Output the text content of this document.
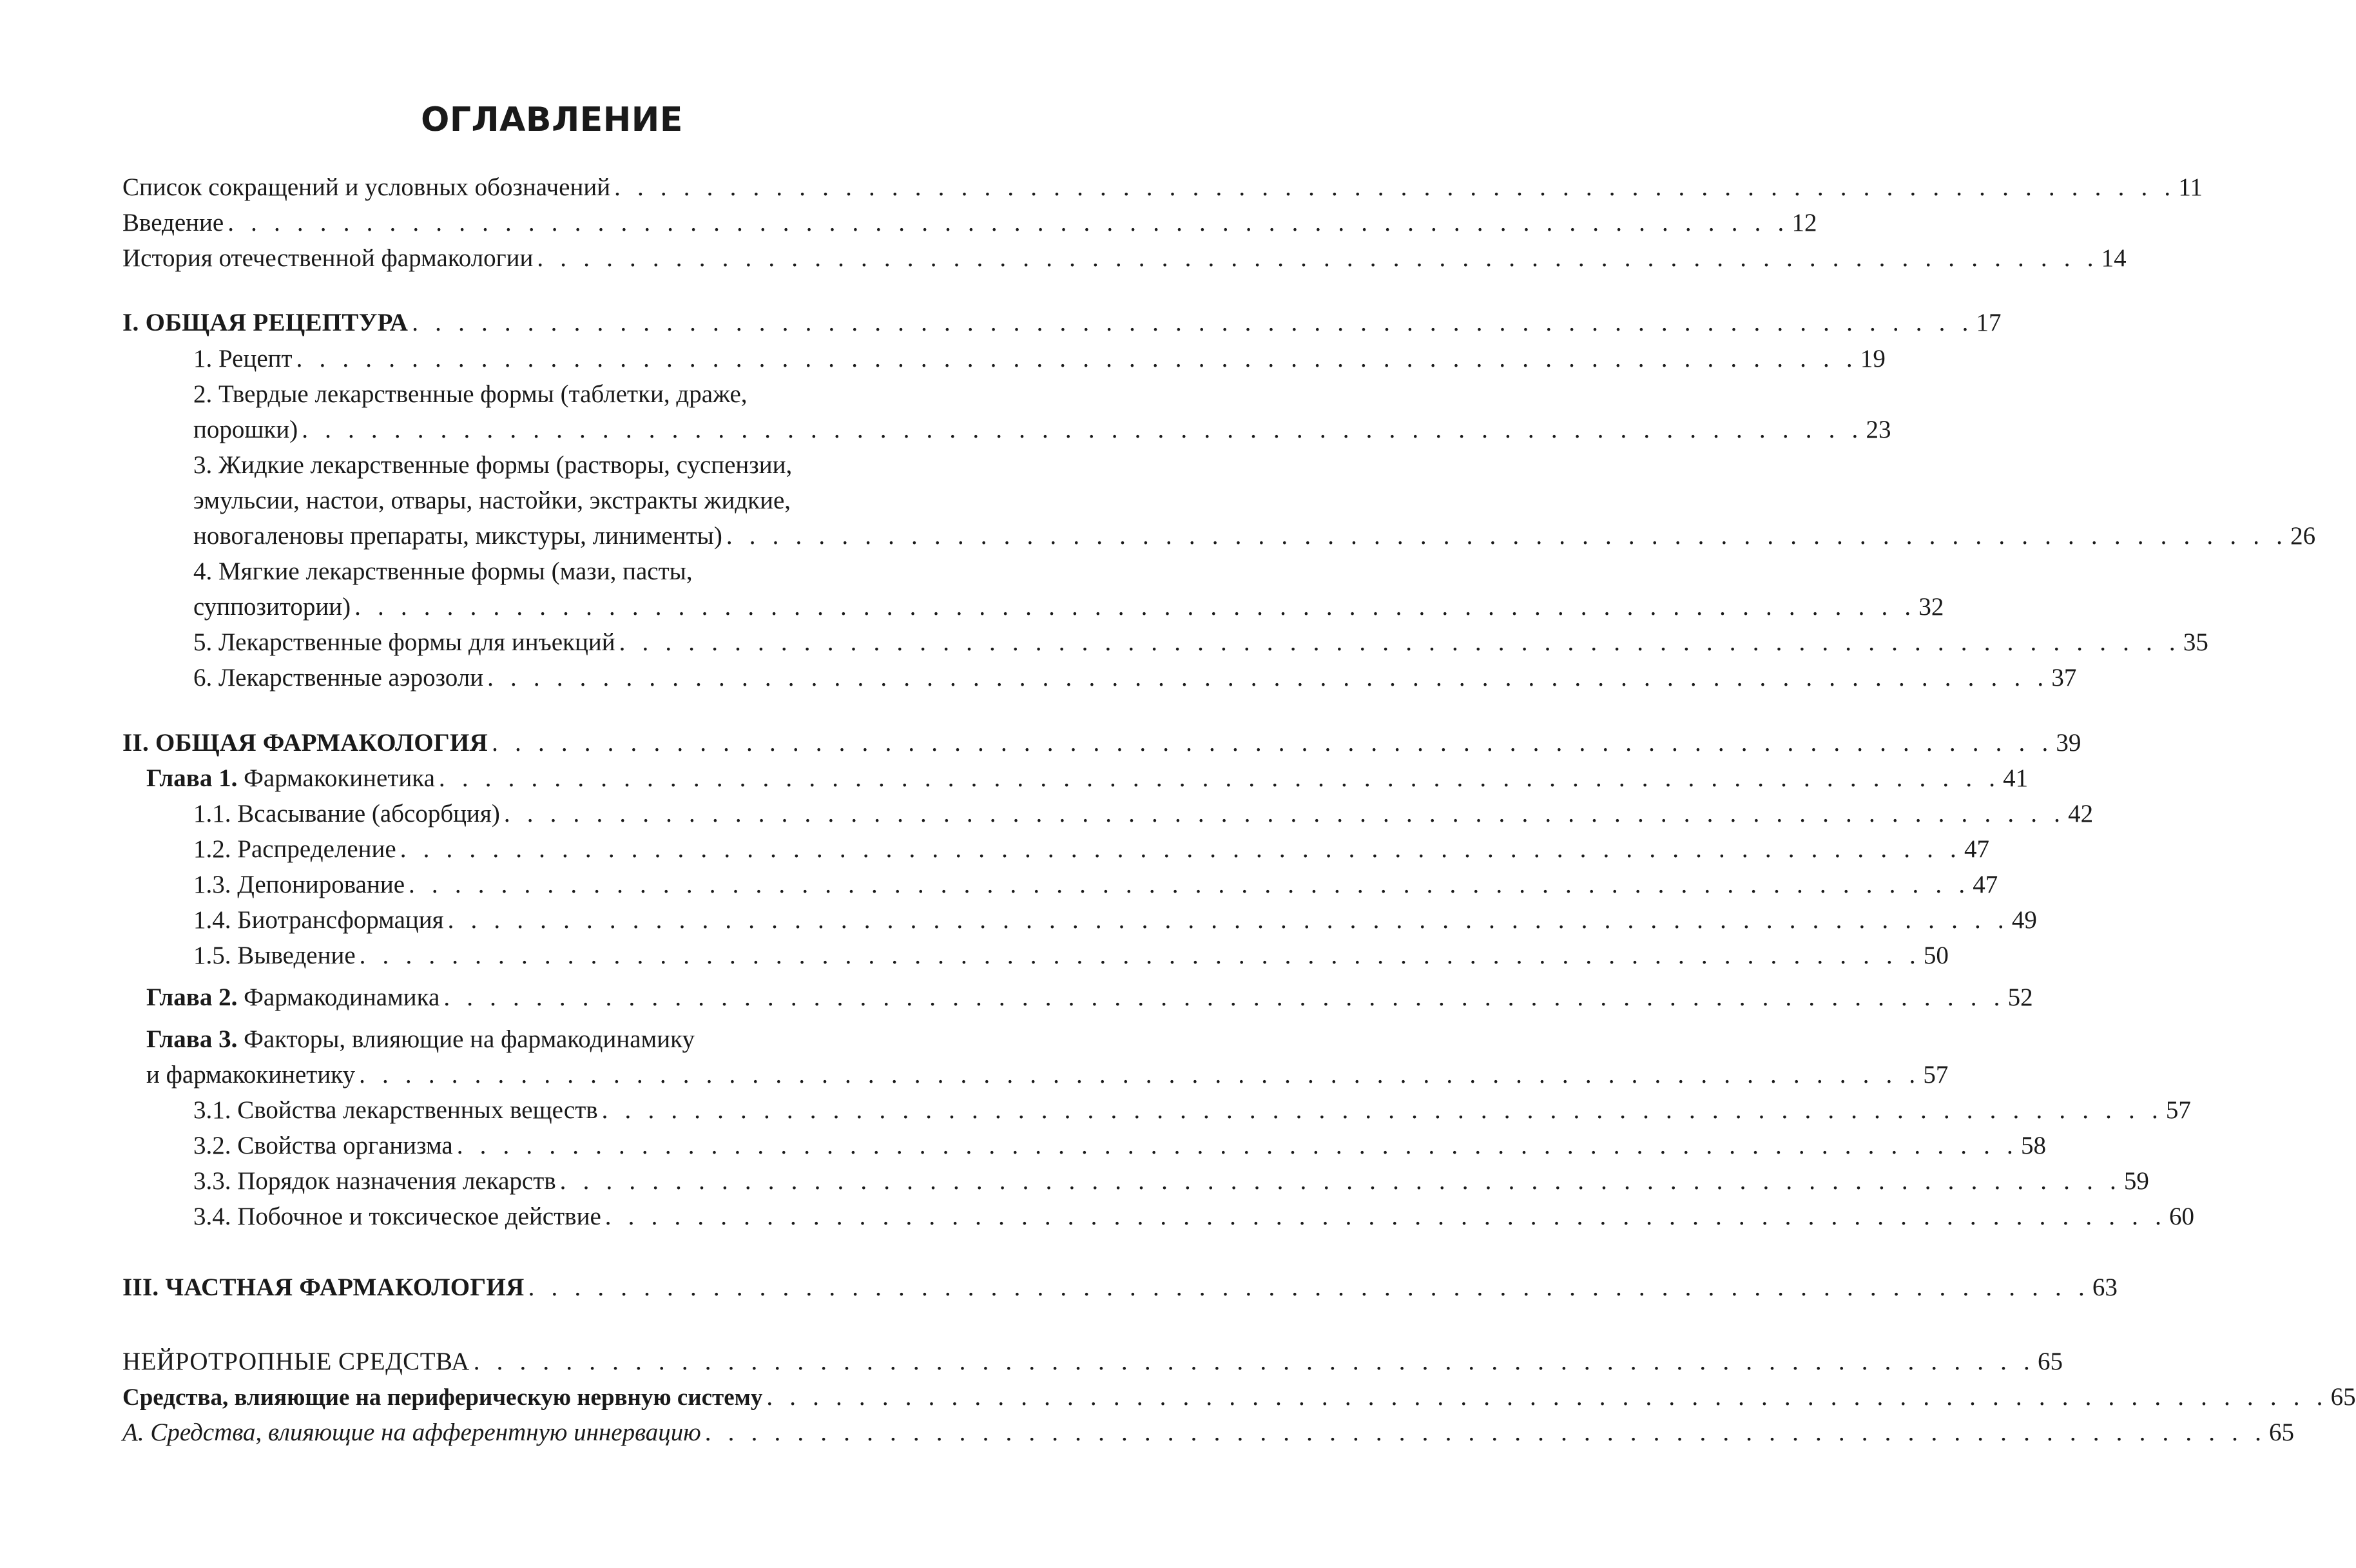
ОГЛАВЛЕНИЕ
Список сокращений и условных обозначений . . . . . . . . . . . . . . . . . . . . . . . . . . . . . . . . . . . . . . . . . . . . . . . . . . . . . . . . . . . . . . . . . . . . 11
Введение . . . . . . . . . . . . . . . . . . . . . . . . . . . . . . . . . . . . . . . . . . . . . . . . . . . . . . . . . . . . . . . . . . . . 12
История отечественной фармакологии . . . . . . . . . . . . . . . . . . . . . . . . . . . . . . . . . . . . . . . . . . . . . . . . . . . . . . . . . . . . . . . . . . . . 14
I. ОБЩАЯ РЕЦЕПТУРА . . . . . . . . . . . . . . . . . . . . . . . . . . . . . . . . . . . . . . . . . . . . . . . . . . . . . . . . . . . . . . . . . . . . 17
1. Рецепт . . . . . . . . . . . . . . . . . . . . . . . . . . . . . . . . . . . . . . . . . . . . . . . . . . . . . . . . . . . . . . . . . . . . 19
2. Твердые лекарственные формы (таблетки, драже,
порошки) . . . . . . . . . . . . . . . . . . . . . . . . . . . . . . . . . . . . . . . . . . . . . . . . . . . . . . . . . . . . . . . . . . . . 23
3. Жидкие лекарственные формы (растворы, суспензии,
эмульсии, настои, отвары, настойки, экстракты жидкие,
новогаленовы препараты, микстуры, линименты) . . . . . . . . . . . . . . . . . . . . . . . . . . . . . . . . . . . . . . . . . . . . . . . . . . . . . . . . . . . . . . . . . . . . 26
4. Мягкие лекарственные формы (мази, пасты,
суппозитории) . . . . . . . . . . . . . . . . . . . . . . . . . . . . . . . . . . . . . . . . . . . . . . . . . . . . . . . . . . . . . . . . . . . . 32
5. Лекарственные формы для инъекций . . . . . . . . . . . . . . . . . . . . . . . . . . . . . . . . . . . . . . . . . . . . . . . . . . . . . . . . . . . . . . . . . . . . 35
6. Лекарственные аэрозоли . . . . . . . . . . . . . . . . . . . . . . . . . . . . . . . . . . . . . . . . . . . . . . . . . . . . . . . . . . . . . . . . . . . . 37
II. ОБЩАЯ ФАРМАКОЛОГИЯ . . . . . . . . . . . . . . . . . . . . . . . . . . . . . . . . . . . . . . . . . . . . . . . . . . . . . . . . . . . . . . . . . . . . 39
Глава 1. Фармакокинетика . . . . . . . . . . . . . . . . . . . . . . . . . . . . . . . . . . . . . . . . . . . . . . . . . . . . . . . . . . . . . . . . . . . . 41
1.1. Всасывание (абсорбция) . . . . . . . . . . . . . . . . . . . . . . . . . . . . . . . . . . . . . . . . . . . . . . . . . . . . . . . . . . . . . . . . . . . . 42
1.2. Распределение . . . . . . . . . . . . . . . . . . . . . . . . . . . . . . . . . . . . . . . . . . . . . . . . . . . . . . . . . . . . . . . . . . . . 47
1.3. Депонирование . . . . . . . . . . . . . . . . . . . . . . . . . . . . . . . . . . . . . . . . . . . . . . . . . . . . . . . . . . . . . . . . . . . . 47
1.4. Биотрансформация . . . . . . . . . . . . . . . . . . . . . . . . . . . . . . . . . . . . . . . . . . . . . . . . . . . . . . . . . . . . . . . . . . . . 49
1.5. Выведение . . . . . . . . . . . . . . . . . . . . . . . . . . . . . . . . . . . . . . . . . . . . . . . . . . . . . . . . . . . . . . . . . . . . 50
Глава 2. Фармакодинамика . . . . . . . . . . . . . . . . . . . . . . . . . . . . . . . . . . . . . . . . . . . . . . . . . . . . . . . . . . . . . . . . . . . . 52
Глава 3. Факторы, влияющие на фармакодинамику
и фармакокинетику . . . . . . . . . . . . . . . . . . . . . . . . . . . . . . . . . . . . . . . . . . . . . . . . . . . . . . . . . . . . . . . . . . . . 57
3.1. Свойства лекарственных веществ . . . . . . . . . . . . . . . . . . . . . . . . . . . . . . . . . . . . . . . . . . . . . . . . . . . . . . . . . . . . . . . . . . . . 57
3.2. Свойства организма . . . . . . . . . . . . . . . . . . . . . . . . . . . . . . . . . . . . . . . . . . . . . . . . . . . . . . . . . . . . . . . . . . . . 58
3.3. Порядок назначения лекарств . . . . . . . . . . . . . . . . . . . . . . . . . . . . . . . . . . . . . . . . . . . . . . . . . . . . . . . . . . . . . . . . . . . . 59
3.4. Побочное и токсическое действие . . . . . . . . . . . . . . . . . . . . . . . . . . . . . . . . . . . . . . . . . . . . . . . . . . . . . . . . . . . . . . . . . . . . 60
III. ЧАСТНАЯ ФАРМАКОЛОГИЯ . . . . . . . . . . . . . . . . . . . . . . . . . . . . . . . . . . . . . . . . . . . . . . . . . . . . . . . . . . . . . . . . . . . . 63
НЕЙРОТРОПНЫЕ СРЕДСТВА . . . . . . . . . . . . . . . . . . . . . . . . . . . . . . . . . . . . . . . . . . . . . . . . . . . . . . . . . . . . . . . . . . . . 65
Средства, влияющие на периферическую нервную систему . . . . . . . . . . . . . . . . . . . . . . . . . . . . . . . . . . . . . . . . . . . . . . . . . . . . . . . . . . . . . . . . . . . . 65
А. Средства, влияющие на афферентную иннервацию . . . . . . . . . . . . . . . . . . . . . . . . . . . . . . . . . . . . . . . . . . . . . . . . . . . . . . . . . . . . . . . . . . . . 65
